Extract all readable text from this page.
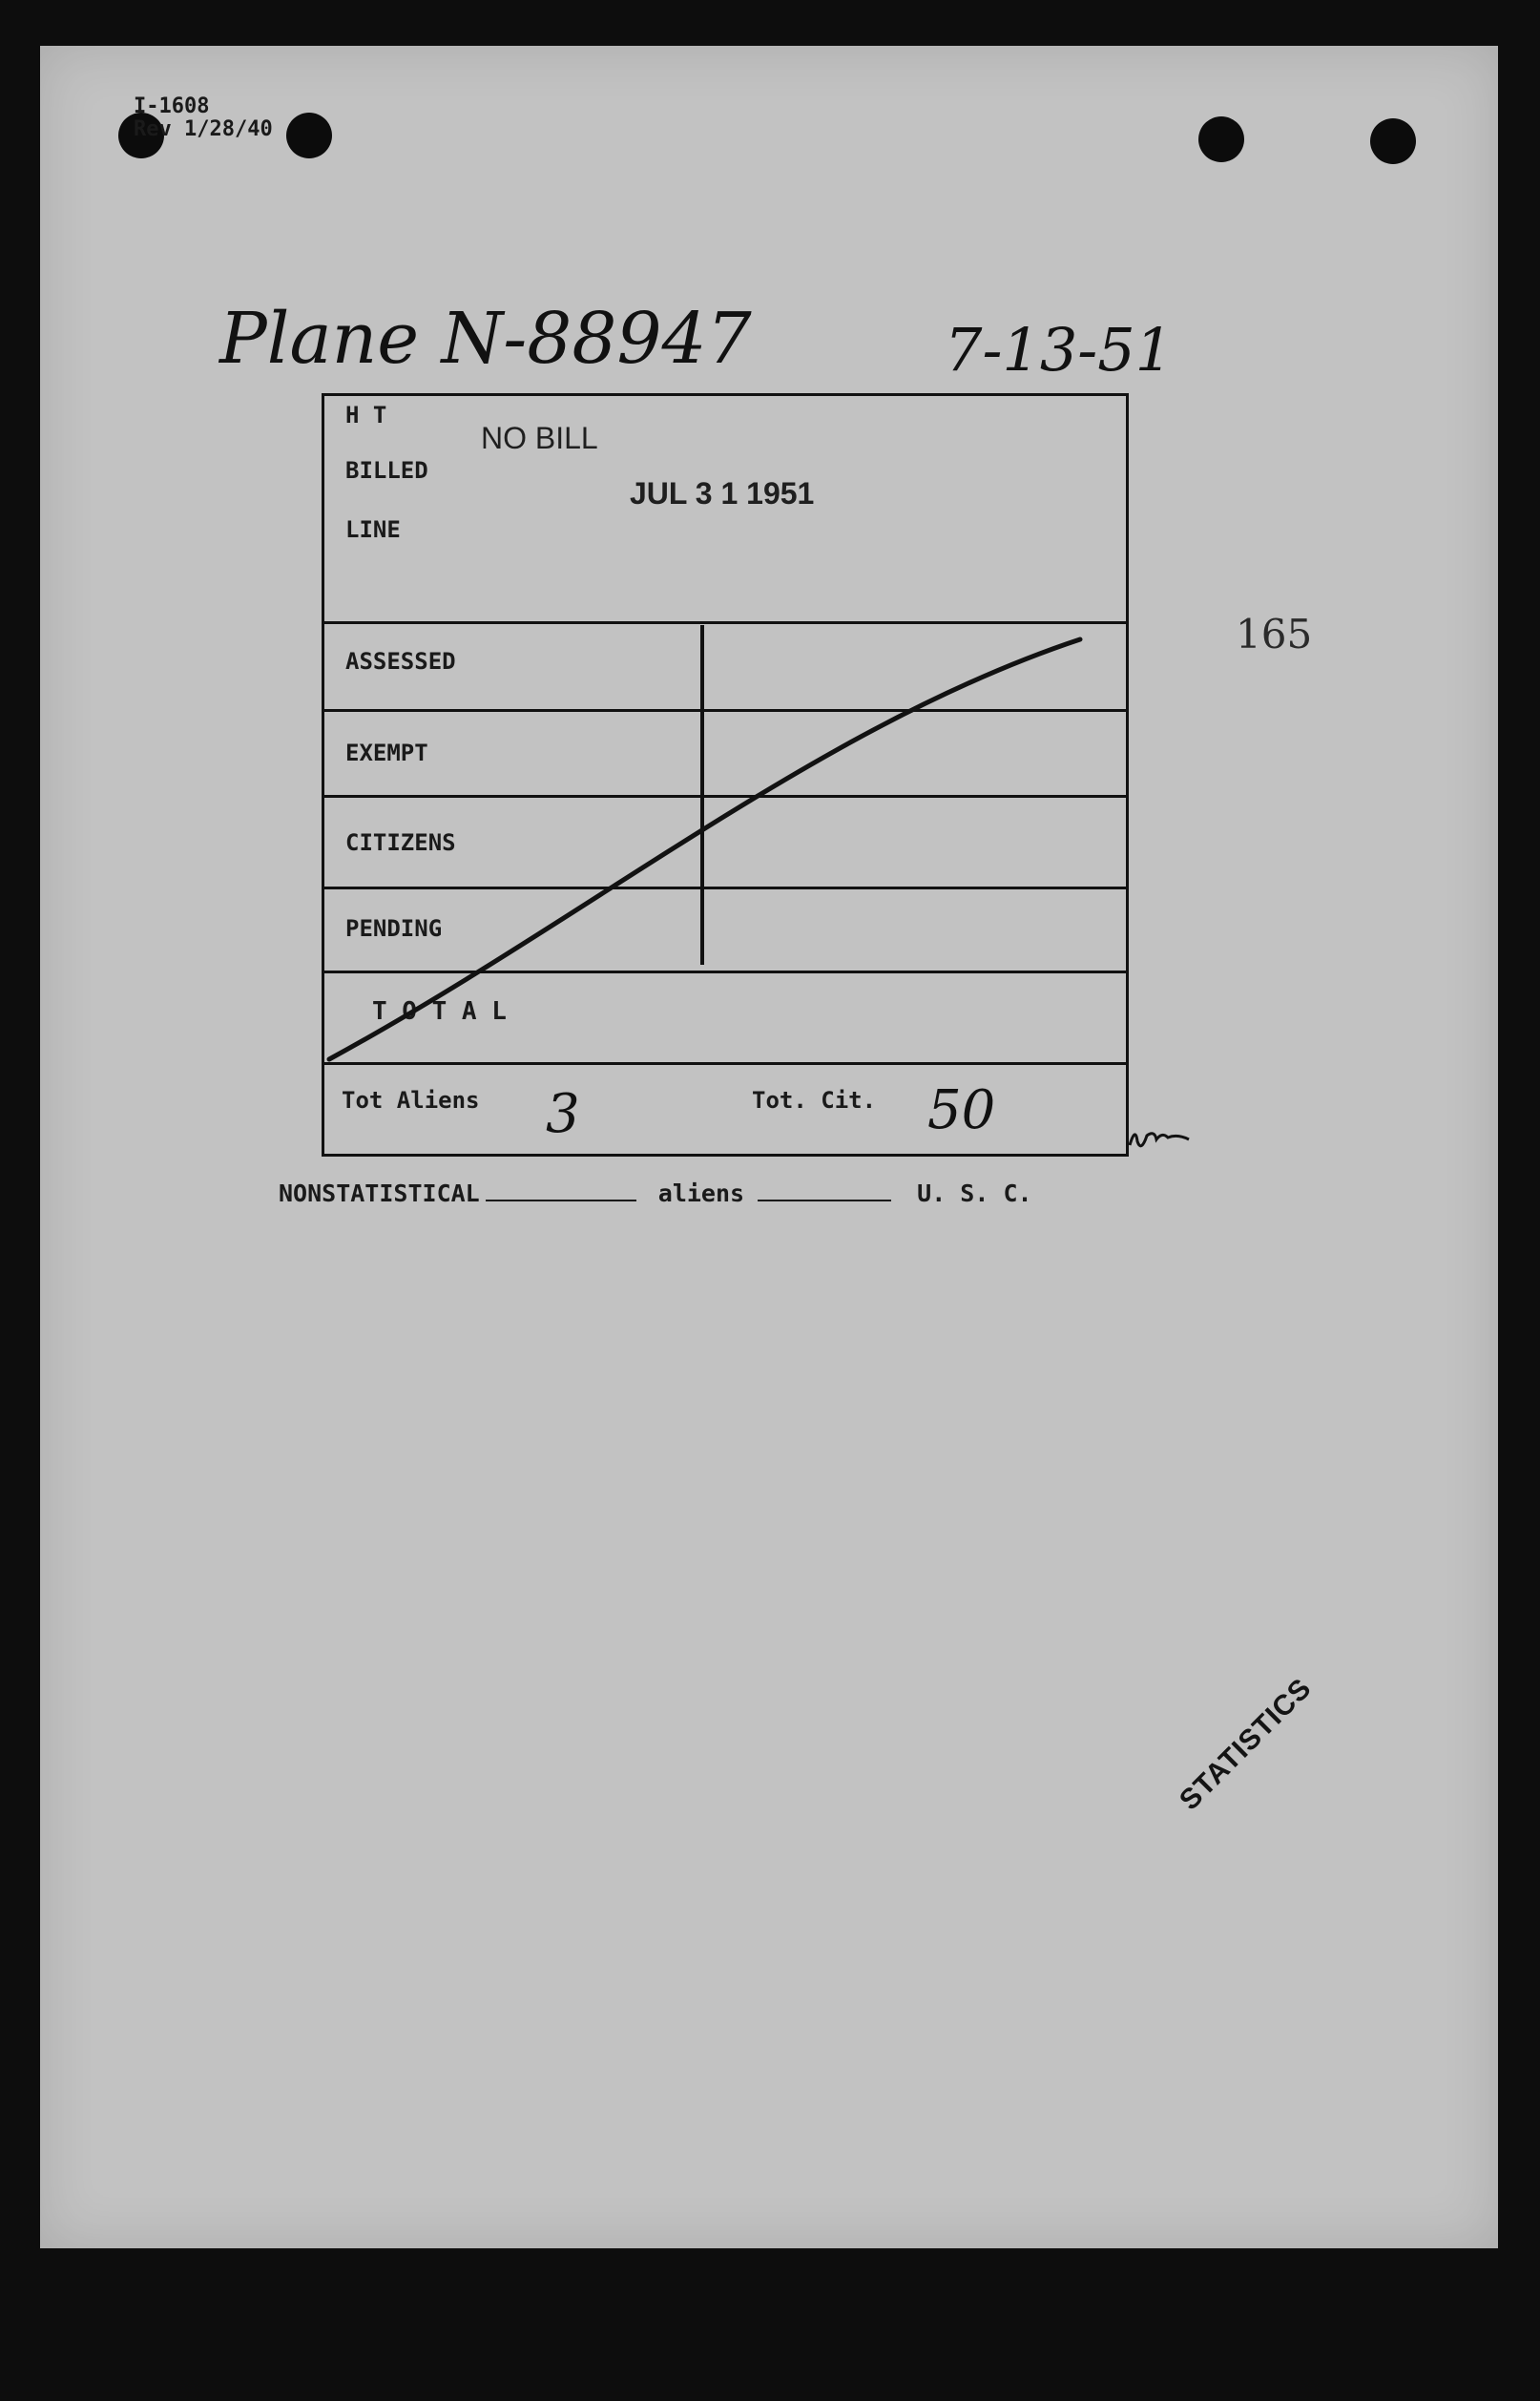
I-1608
Rev 1/28/40
Plane N-88947	7-13-51
165
H T
BILLED
LINE
NO BILL
JUL 3 1 1951
ASSESSED
EXEMPT
CITIZENS
PENDING
T O T A L
Tot Aliens 3	Tot. Cit. 50
NONSTATISTICAL	aliens	U. S. C.
STATISTICS
